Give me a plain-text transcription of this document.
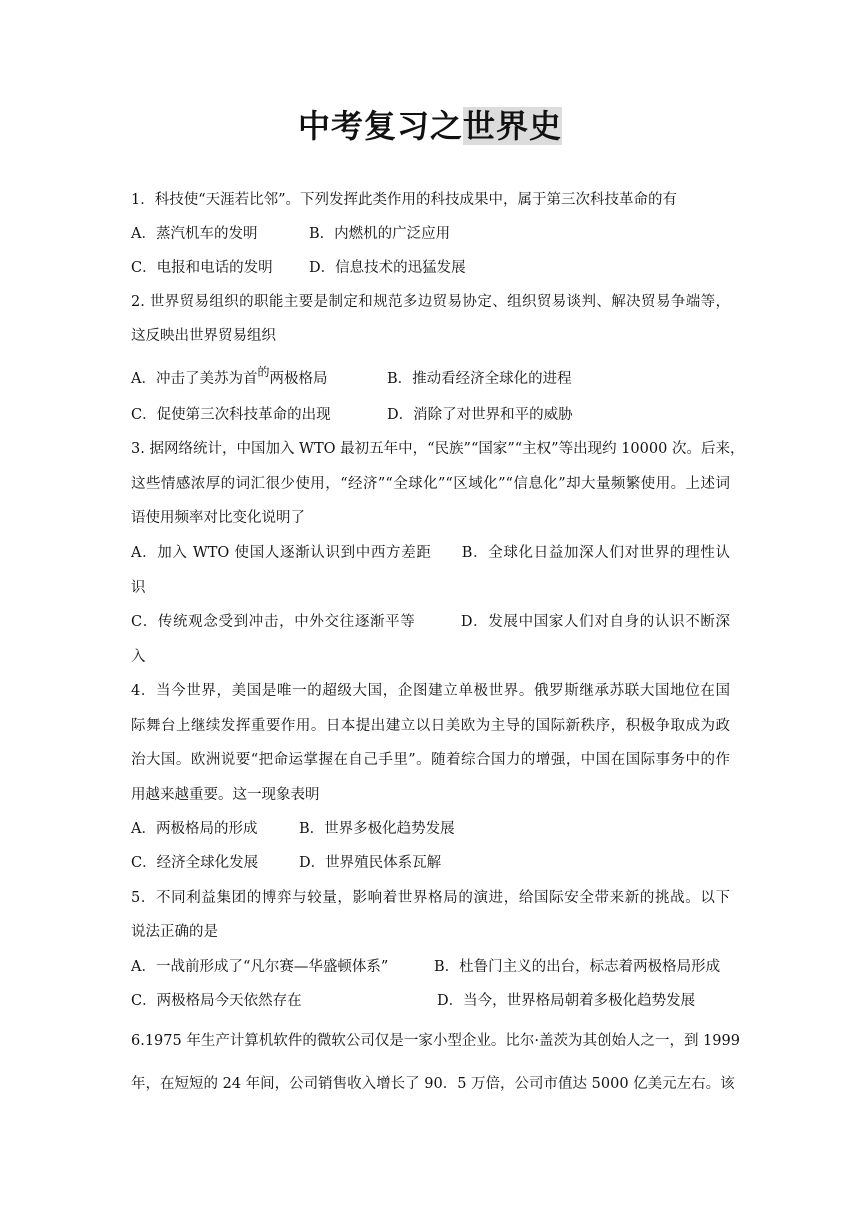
中考复习之世界史
1．科技使“天涯若比邻”。下列发挥此类作用的科技成果中，属于第三次科技革命的有
A．蒸汽机车的发明	B．内燃机的广泛应用
C．电报和电话的发明	D．信息技术的迅猛发展
2. 世界贸易组织的职能主要是制定和规范多边贸易协定、组织贸易谈判、解决贸易争端等，
这反映出世界贸易组织
A．冲击了美苏为首$^的$两极格局	B．推动看经济全球化的进程
C．促使第三次科技革命的出现	D．消除了对世界和平的威胁
3. 据网络统计，中国加入 WTO 最初五年中，“民族”“国家”“主权”等出现约 10000 次。后来，
这些情感浓厚的词汇很少使用，“经济”“全球化”“区域化”“信息化”却大量频繁使用。上述词
语使用频率对比变化说明了
A．加入 WTO 使国人逐渐认识到中西方差距　　B．全球化日益加深人们对世界的理性认
识
C．传统观念受到冲击，中外交往逐渐平等　　　D．发展中国家人们对自身的认识不断深
入
4．当今世界，美国是唯一的超级大国，企图建立单极世界。俄罗斯继承苏联大国地位在国
际舞台上继续发挥重要作用。日本提出建立以日美欧为主导的国际新秩序，积极争取成为政
治大国。欧洲说要“把命运掌握在自己手里”。随着综合国力的增强，中国在国际事务中的作
用越来越重要。这一现象表明
A．两极格局的形成	B．世界多极化趋势发展
C．经济全球化发展	D．世界殖民体系瓦解
5．不同利益集团的博弈与较量，影响着世界格局的演进，给国际安全带来新的挑战。以下
说法正确的是
A．一战前形成了“凡尔赛—华盛顿体系”	B．杜鲁门主义的出台，标志着两极格局形成
C．两极格局今天依然存在	D．当今，世界格局朝着多极化趋势发展
6.1975 年生产计算机软件的微软公司仅是一家小型企业。比尔·盖茨为其创始人之一，到 1999
年，在短短的 24 年间，公司销售收入增长了 90．5 万倍，公司市值达 5000 亿美元左右。该
